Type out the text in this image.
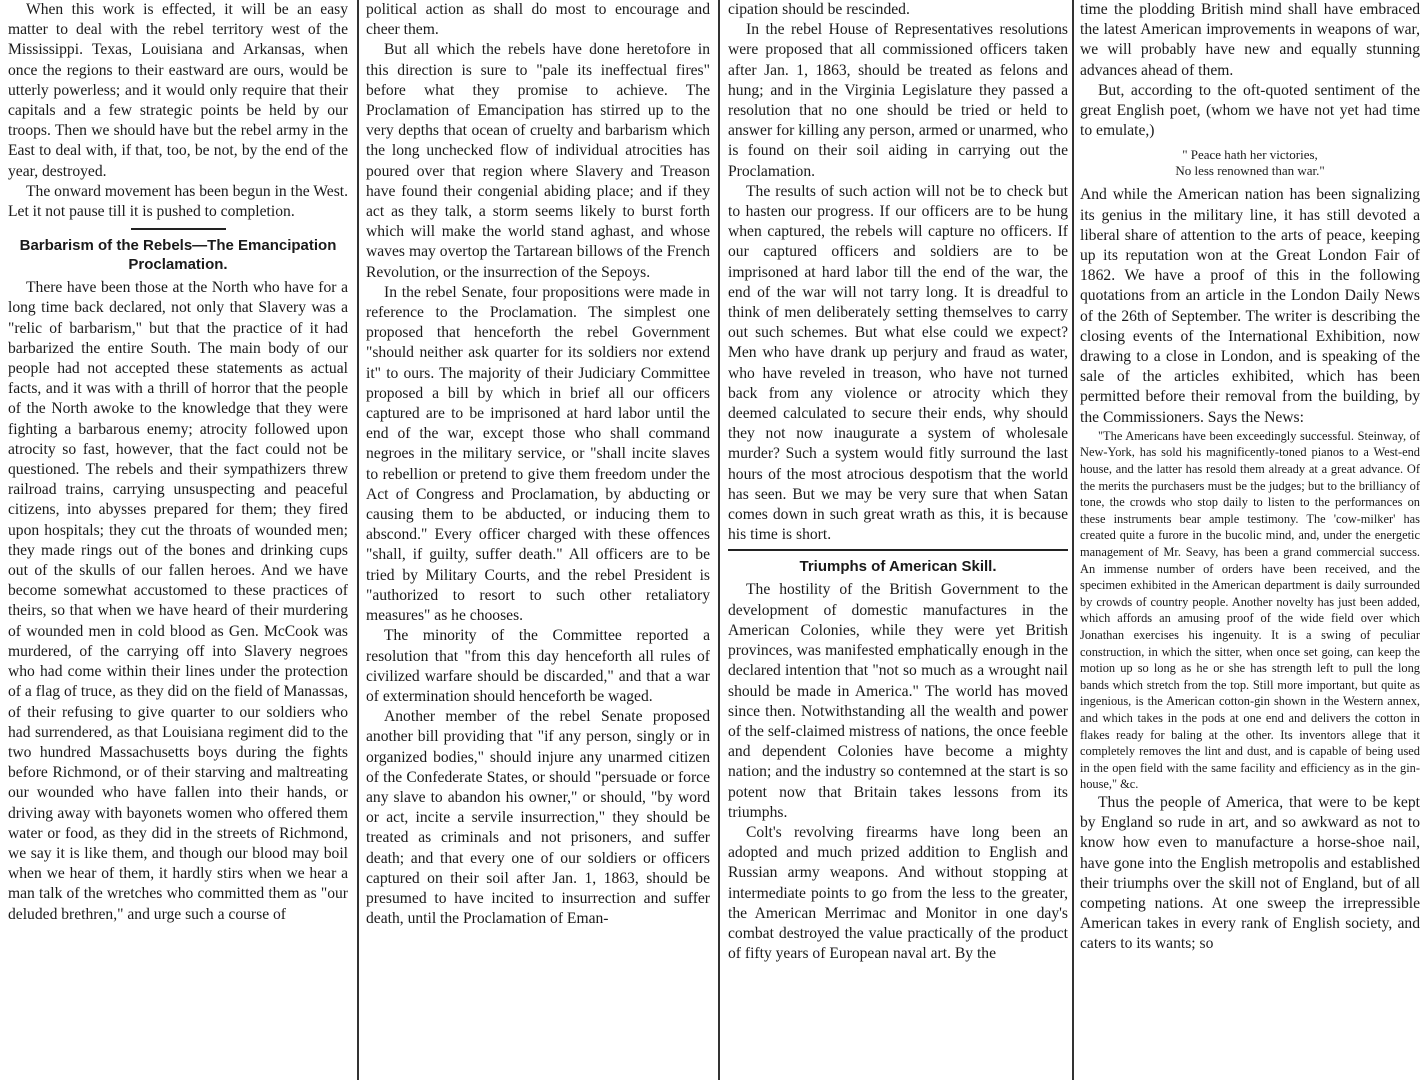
When this work is effected, it will be an easy matter to deal with the rebel territory west of the Mississippi. Texas, Louisiana and Arkansas, when once the regions to their eastward are ours, would be utterly powerless; and it would only require that their capitals and a few strategic points be held by our troops. Then we should have but the rebel army in the East to deal with, if that, too, be not, by the end of the year, destroyed.

The onward movement has been begun in the West. Let it not pause till it is pushed to completion.

Barbarism of the Rebels—The Emancipation Proclamation.

There have been those at the North who have for a long time back declared, not only that Slavery was a "relic of barbarism," but that the practice of it had barbarized the entire South. The main body of our people had not accepted these statements as actual facts, and it was with a thrill of horror that the people of the North awoke to the knowledge that they were fighting a barbarous enemy; atrocity followed upon atrocity so fast, however, that the fact could not be questioned. The rebels and their sympathizers threw railroad trains, carrying unsuspecting and peaceful citizens, into abysses prepared for them; they fired upon hospitals; they cut the throats of wounded men; they made rings out of the bones and drinking cups out of the skulls of our fallen heroes. And we have become somewhat accustomed to these practices of theirs, so that when we have heard of their murdering of wounded men in cold blood as Gen. McCook was murdered, of the carrying off into Slavery negroes who had come within their lines under the protection of a flag of truce, as they did on the field of Manassas, of their refusing to give quarter to our soldiers who had surrendered, as that Louisiana regiment did to the two hundred Massachusetts boys during the fights before Richmond, or of their starving and maltreating our wounded who have fallen into their hands, or driving away with bayonets women who offered them water or food, as they did in the streets of Richmond, we say it is like them, and though our blood may boil when we hear of them, it hardly stirs when we hear a man talk of the wretches who committed them as "our deluded brethren," and urge such a course of

political action as shall do most to encourage and cheer them.

But all which the rebels have done heretofore in this direction is sure to "pale its ineffectual fires" before what they promise to achieve. The Proclamation of Emancipation has stirred up to the very depths that ocean of cruelty and barbarism which the long unchecked flow of individual atrocities has poured over that region where Slavery and Treason have found their congenial abiding place; and if they act as they talk, a storm seems likely to burst forth which will make the world stand aghast, and whose waves may overtop the Tartarean billows of the French Revolution, or the insurrection of the Sepoys.

In the rebel Senate, four propositions were made in reference to the Proclamation. The simplest one proposed that henceforth the rebel Government "should neither ask quarter for its soldiers nor extend it" to ours. The majority of their Judiciary Committee proposed a bill by which in brief all our officers captured are to be imprisoned at hard labor until the end of the war, except those who shall command negroes in the military service, or "shall incite slaves to rebellion or pretend to give them freedom under the Act of Congress and Proclamation, by abducting or causing them to be abducted, or inducing them to abscond." Every officer charged with these offences "shall, if guilty, suffer death." All officers are to be tried by Military Courts, and the rebel President is "authorized to resort to such other retaliatory measures" as he chooses.

The minority of the Committee reported a resolution that "from this day henceforth all rules of civilized warfare should be discarded," and that a war of extermination should henceforth be waged.

Another member of the rebel Senate proposed another bill providing that "if any person, singly or in organized bodies," should injure any unarmed citizen of the Confederate States, or should "persuade or force any slave to abandon his owner," or should, "by word or act, incite a servile insurrection," they should be treated as criminals and not prisoners, and suffer death; and that every one of our soldiers or officers captured on their soil after Jan. 1, 1863, should be presumed to have incited to insurrection and suffer death, until the Proclamation of Eman-

cipation should be rescinded.

In the rebel House of Representatives resolutions were proposed that all commissioned officers taken after Jan. 1, 1863, should be treated as felons and hung; and in the Virginia Legislature they passed a resolution that no one should be tried or held to answer for killing any person, armed or unarmed, who is found on their soil aiding in carrying out the Proclamation.

The results of such action will not be to check but to hasten our progress. If our officers are to be hung when captured, the rebels will capture no officers. If our captured officers and soldiers are to be imprisoned at hard labor till the end of the war, the end of the war will not tarry long. It is dreadful to think of men deliberately setting themselves to carry out such schemes. But what else could we expect? Men who have drank up perjury and fraud as water, who have reveled in treason, who have not turned back from any violence or atrocity which they deemed calculated to secure their ends, why should they not now inaugurate a system of wholesale murder? Such a system would fitly surround the last hours of the most atrocious despotism that the world has seen. But we may be very sure that when Satan comes down in such great wrath as this, it is because his time is short.

Triumphs of American Skill.

The hostility of the British Government to the development of domestic manufactures in the American Colonies, while they were yet British provinces, was manifested emphatically enough in the declared intention that "not so much as a wrought nail should be made in America." The world has moved since then. Notwithstanding all the wealth and power of the self-claimed mistress of nations, the once feeble and dependent Colonies have become a mighty nation; and the industry so contemned at the start is so potent now that Britain takes lessons from its triumphs.

Colt's revolving firearms have long been an adopted and much prized addition to English and Russian army weapons. And without stopping at intermediate points to go from the less to the greater, the American Merrimac and Monitor in one day's combat destroyed the value practically of the product of fifty years of European naval art. By the

time the plodding British mind shall have embraced the latest American improvements in weapons of war, we will probably have new and equally stunning advances ahead of them.

But, according to the oft-quoted sentiment of the great English poet, (whom we have not yet had time to emulate,)

" Peace hath her victories,
No less renowned than war."

And while the American nation has been signalizing its genius in the military line, it has still devoted a liberal share of attention to the arts of peace, keeping up its reputation won at the Great London Fair of 1862. We have a proof of this in the following quotations from an article in the London Daily News of the 26th of September. The writer is describing the closing events of the International Exhibition, now drawing to a close in London, and is speaking of the sale of the articles exhibited, which has been permitted before their removal from the building, by the Commissioners. Says the News:

"The Americans have been exceedingly successful. Steinway, of New-York, has sold his magnificently-toned pianos to a West-end house, and the latter has resold them already at a great advance. Of the merits the purchasers must be the judges; but to the brilliancy of tone, the crowds who stop daily to listen to the performances on these instruments bear ample testimony. The 'cow-milker' has created quite a furore in the bucolic mind, and, under the energetic management of Mr. Seavy, has been a grand commercial success. An immense number of orders have been received, and the specimen exhibited in the American department is daily surrounded by crowds of country people. Another novelty has just been added, which affords an amusing proof of the wide field over which Jonathan exercises his ingenuity. It is a swing of peculiar construction, in which the sitter, when once set going, can keep the motion up so long as he or she has strength left to pull the long bands which stretch from the top. Still more important, but quite as ingenious, is the American cotton-gin shown in the Western annex, and which takes in the pods at one end and delivers the cotton in flakes ready for baling at the other. Its inventors allege that it completely removes the lint and dust, and is capable of being used in the open field with the same facility and efficiency as in the gin-house," &c.

Thus the people of America, that were to be kept by England so rude in art, and so awkward as not to know how even to manufacture a horse-shoe nail, have gone into the English metropolis and established their triumphs over the skill not of England, but of all competing nations. At one sweep the irrepressible American takes in every rank of English society, and caters to its wants; so
